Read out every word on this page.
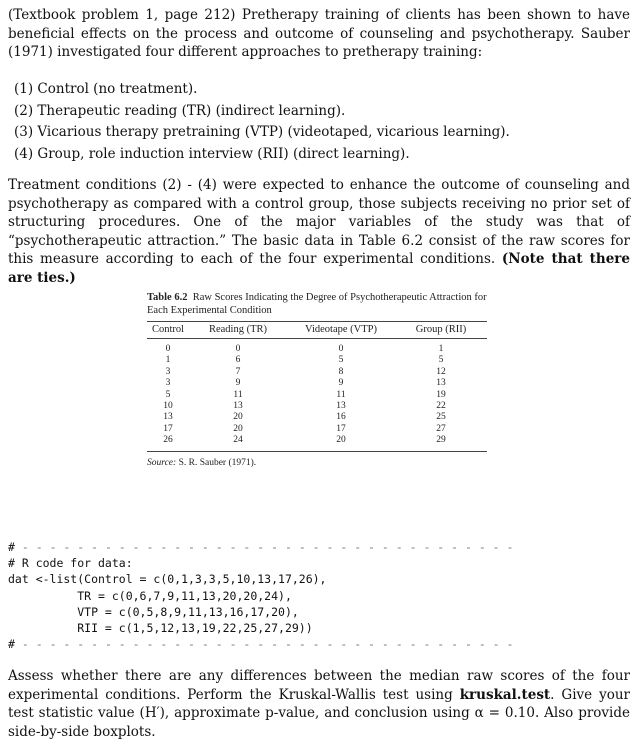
(Textbook problem 1, page 212) Pretherapy training of clients has been shown to have beneficial effects on the process and outcome of counseling and psychotherapy. Sauber (1971) investigated four different approaches to pretherapy training:
(1) Control (no treatment).
(2) Therapeutic reading (TR) (indirect learning).
(3) Vicarious therapy pretraining (VTP) (videotaped, vicarious learning).
(4) Group, role induction interview (RII) (direct learning).
Treatment conditions (2) - (4) were expected to enhance the outcome of counseling and psychotherapy as compared with a control group, those subjects receiving no prior set of structuring procedures. One of the major variables of the study was that of “psychotherapeutic attraction.” The basic data in Table 6.2 consist of the raw scores for this measure according to each of the four experimental conditions. (Note that there are ties.)
Table 6.2 Raw Scores Indicating the Degree of Psychotherapeutic Attraction for Each Experimental Condition
Control	Reading (TR)	Videotape (VTP)	Group (RII)
0	0	0	1
1	6	5	5
3	7	8	12
3	9	9	13
5	11	11	19
10	13	13	22
13	20	16	25
17	20	17	27
26	24	20	29
Source: S. R. Sauber (1971).
# - - - - - - - - - - - - - - - - - - - - - - - - - - - - - - - - - - - -
# R code for data:
dat <-list(Control = c(0,1,3,3,5,10,13,17,26),
TR = c(0,6,7,9,11,13,20,20,24),
VTP = c(0,5,8,9,11,13,16,17,20),
RII = c(1,5,12,13,19,22,25,27,29))
# - - - - - - - - - - - - - - - - - - - - - - - - - - - - - - - - - - - -
Assess whether there are any differences between the median raw scores of the four experimental conditions. Perform the Kruskal-Wallis test using kruskal.test. Give your test statistic value (H′), approximate p-value, and conclusion using α = 0.10. Also provide side-by-side boxplots.
